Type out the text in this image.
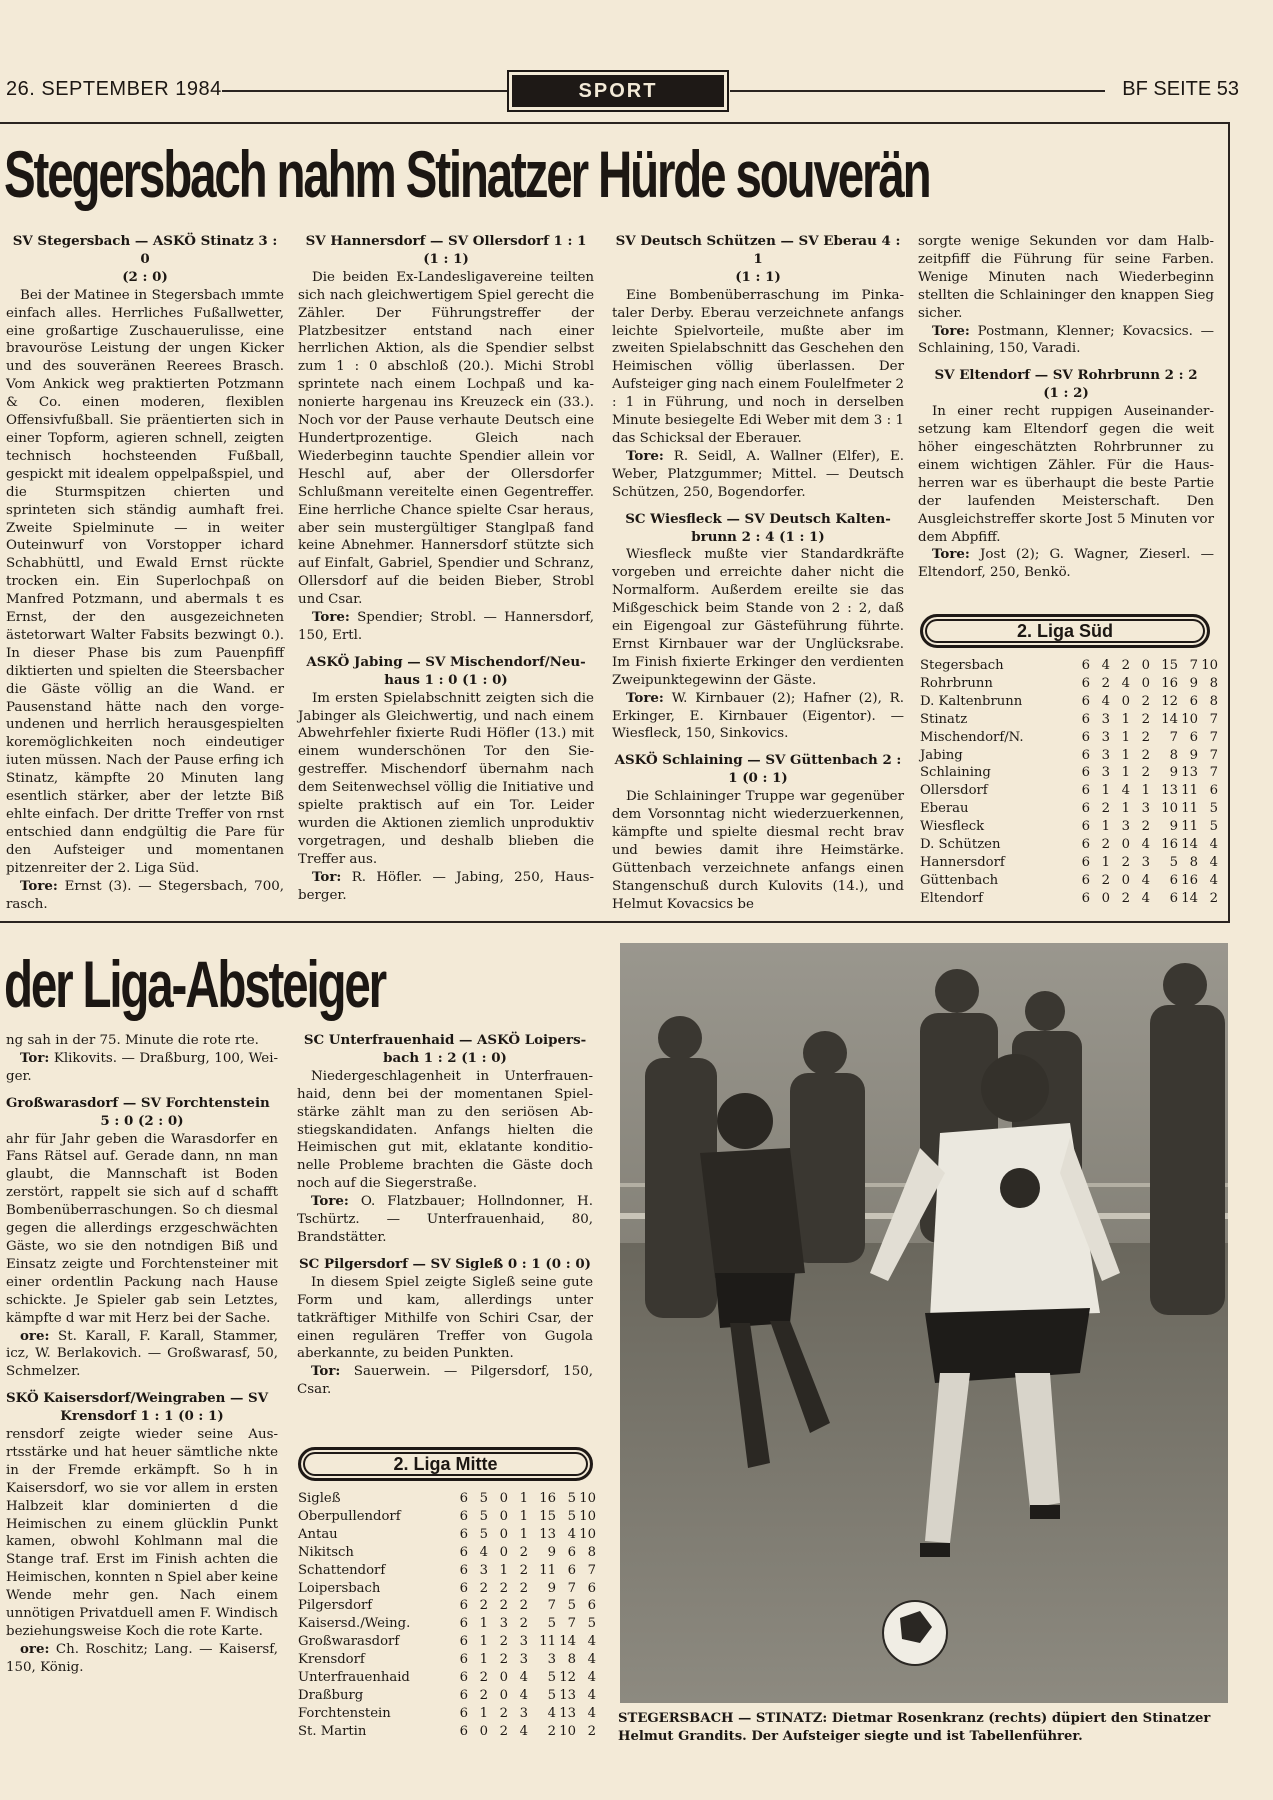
26. SEPTEMBER 1984	SPORT	BF SEITE 53
Stegersbach nahm Stinatzer Hürde souverän

SV Stegersbach — ASKÖ Stinatz 3 : 0

(2 : 0)

Bei der Matinee in Stegersbach ımmte einfach alles. Herrliches Fußallwetter, eine großartige Zuschauerulisse, eine bravouröse Leistung der ungen Kicker und des souveränen Reerees Brasch. Vom Ankick weg praktierten Potzmann & Co. einen moderen, flexiblen Offensivfußball. Sie präentierten sich in einer Topform, agieren schnell, zeigten technisch hochsteenden Fußball, gespickt mit idealem oppelpaßspiel, und die Sturmspitzen chierten und sprinteten sich ständig aumhaft frei. Zweite Spielminute — in weiter Outeinwurf von Vorstopper ichard Schabhüttl, und Ewald Ernst rückte trocken ein. Ein Superlochpaß on Manfred Potzmann, und abermals t es Ernst, der den ausgezeichneten ästetorwart Walter Fabsits bezwingt 0.). In dieser Phase bis zum Pauenpfiff diktierten und spielten die Steersbacher die Gäste völlig an die Wand. er Pausenstand hätte nach den vorgeundenen und herrlich herausgespielten koremöglichkeiten noch eindeutiger iuten müssen. Nach der Pause erfing ich Stinatz, kämpfte 20 Minuten lang esentlich stärker, aber der letzte Biß ehlte einfach. Der dritte Treffer von rnst entschied dann endgültig die Pare für den Aufsteiger und momentanen pitzenreiter der 2. Liga Süd.

Tore: Ernst (3). — Stegersbach, 700, rasch.

SV Hannersdorf — SV Ollersdorf 1 : 1

(1 : 1)

Die beiden Ex-Landesligavereine teilten sich nach gleichwertigem Spiel gerecht die Zähler. Der Führungstreffer der Platzbesitzer entstand nach einer herrlichen Aktion, als die Spendier selbst zum 1 : 0 abschloß (20.). Michi Strobl sprintete nach einem Lochpaß und kanonierte hargenau ins Kreuzeck ein (33.). Noch vor der Pause verhaute Deutsch eine Hundertprozentige. Gleich nach Wiederbeginn tauchte Spendier allein vor Heschl auf, aber der Ollersdorfer Schlußmann vereitelte einen Gegentreffer. Eine herrliche Chance spielte Csar heraus, aber sein mustergültiger Stanglpaß fand keine Abnehmer. Hannersdorf stützte sich auf Einfalt, Gabriel, Spendier und Schranz, Ollersdorf auf die beiden Bieber, Strobl und Csar.

Tore: Spendier; Strobl. — Hannersdorf, 150, Ertl.

ASKÖ Jabing — SV Mischendorf/Neuhaus 1 : 0 (1 : 0)

Im ersten Spielabschnitt zeigten sich die Jabinger als Gleichwertig, und nach einem Abwehrfehler fixierte Rudi Höfler (13.) mit einem wunderschönen Tor den Siegestreffer. Mischendorf übernahm nach dem Seitenwechsel völlig die Initiative und spielte praktisch auf ein Tor. Leider wurden die Aktionen ziemlich unproduktiv vorgetragen, und deshalb blieben die Treffer aus.

Tor: R. Höfler. — Jabing, 250, Hausberger.

SV Deutsch Schützen — SV Eberau 4 : 1

(1 : 1)

Eine Bombenüberraschung im Pinkataler Derby. Eberau verzeichnete anfangs leichte Spielvorteile, mußte aber im zweiten Spielabschnitt das Geschehen den Heimischen völlig überlassen. Der Aufsteiger ging nach einem Foulelfmeter 2 : 1 in Führung, und noch in derselben Minute besiegelte Edi Weber mit dem 3 : 1 das Schicksal der Eberauer.

Tore: R. Seidl, A. Wallner (Elfer), E. Weber, Platzgummer; Mittel. — Deutsch Schützen, 250, Bogendorfer.

SC Wiesfleck — SV Deutsch Kaltenbrunn 2 : 4 (1 : 1)

Wiesfleck mußte vier Standardkräfte vorgeben und erreichte daher nicht die Normalform. Außerdem ereilte sie das Mißgeschick beim Stande von 2 : 2, daß ein Eigengoal zur Gästeführung führte. Ernst Kirnbauer war der Unglücksrabe. Im Finish fixierte Erkinger den verdienten Zweipunktegewinn der Gäste.

Tore: W. Kirnbauer (2); Hafner (2), R. Erkinger, E. Kirnbauer (Eigentor). — Wiesfleck, 150, Sinkovics.

ASKÖ Schlaining — SV Güttenbach 2 : 1 (0 : 1)

Die Schlaininger Truppe war gegenüber dem Vorsonntag nicht wiederzuerkennen, kämpfte und spielte diesmal recht brav und bewies damit ihre Heimstärke. Güttenbach verzeichnete anfangs einen Stangenschuß durch Kulovits (14.), und Helmut Kovacsics be

sorgte wenige Sekunden vor dam Halbzeitpfiff die Führung für seine Farben. Wenige Minuten nach Wiederbeginn stellten die Schlaininger den knappen Sieg sicher.

Tore: Postmann, Klenner; Kovacsics. — Schlaining, 150, Varadi.

SV Eltendorf — SV Rohrbrunn 2 : 2

(1 : 2)

In einer recht ruppigen Auseinandersetzung kam Eltendorf gegen die weit höher eingeschätzten Rohrbrunner zu einem wichtigen Zähler. Für die Hausherren war es überhaupt die beste Partie der laufenden Meisterschaft. Den Ausgleichstreffer skorte Jost 5 Minuten vor dem Abpfiff.

Tore: Jost (2); G. Wagner, Zieserl. — Eltendorf, 250, Benkö.

2. Liga Süd
Stegersbach	6	4	2	0	15	7	10
Rohrbrunn	6	2	4	0	16	9	8
D. Kaltenbrunn	6	4	0	2	12	6	8
Stinatz	6	3	1	2	14	10	7
Mischendorf/N.	6	3	1	2	7	6	7
Jabing	6	3	1	2	8	9	7
Schlaining	6	3	1	2	9	13	7
Ollersdorf	6	1	4	1	13	11	6
Eberau	6	2	1	3	10	11	5
Wiesfleck	6	1	3	2	9	11	5
D. Schützen	6	2	0	4	16	14	4
Hannersdorf	6	1	2	3	5	8	4
Güttenbach	6	2	0	4	6	16	4
Eltendorf	6	0	2	4	6	14	2
der Liga-Absteiger

ng sah in der 75. Minute die rote rte.

Tor: Klikovits. — Draßburg, 100, Weiger.

Großwarasdorf — SV Forchtenstein

5 : 0 (2 : 0)

ahr für Jahr geben die Warasdorfer en Fans Rätsel auf. Gerade dann, nn man glaubt, die Mannschaft ist Boden zerstört, rappelt sie sich auf d schafft Bombenüberraschungen. So ch diesmal gegen die allerdings erzgeschwächten Gäste, wo sie den notndigen Biß und Einsatz zeigte und Forchtensteiner mit einer ordentlin Packung nach Hause schickte. Je Spieler gab sein Letztes, kämpfte d war mit Herz bei der Sache.

ore: St. Karall, F. Karall, Stammer, icz, W. Berlakovich. — Großwarasf, 50, Schmelzer.

SKÖ Kaisersdorf/Weingraben — SV

Krensdorf 1 : 1 (0 : 1)

rensdorf zeigte wieder seine Ausrtsstärke und hat heuer sämtliche nkte in der Fremde erkämpft. So h in Kaisersdorf, wo sie vor allem in ersten Halbzeit klar dominierten d die Heimischen zu einem glücklin Punkt kamen, obwohl Kohlmann mal die Stange traf. Erst im Finish achten die Heimischen, konnten n Spiel aber keine Wende mehr gen. Nach einem unnötigen Privatduell amen F. Windisch beziehungsweise Koch die rote Karte.

ore: Ch. Roschitz; Lang. — Kaisersf, 150, König.

SC Unterfrauenhaid — ASKÖ Loipersbach 1 : 2 (1 : 0)

Niedergeschlagenheit in Unterfrauenhaid, denn bei der momentanen Spielstärke zählt man zu den seriösen Abstiegskandidaten. Anfangs hielten die Heimischen gut mit, eklatante konditionelle Probleme brachten die Gäste doch noch auf die Siegerstraße.

Tore: O. Flatzbauer; Hollndonner, H. Tschürtz. — Unterfrauenhaid, 80, Brandstätter.

SC Pilgersdorf — SV Sigleß 0 : 1 (0 : 0)

In diesem Spiel zeigte Sigleß seine gute Form und kam, allerdings unter tatkräftiger Mithilfe von Schiri Csar, der einen regulären Treffer von Gugola aberkannte, zu beiden Punkten.

Tor: Sauerwein. — Pilgersdorf, 150, Csar.

2. Liga Mitte
Sigleß	6	5	0	1	16	5	10
Oberpullendorf	6	5	0	1	15	5	10
Antau	6	5	0	1	13	4	10
Nikitsch	6	4	0	2	9	6	8
Schattendorf	6	3	1	2	11	6	7
Loipersbach	6	2	2	2	9	7	6
Pilgersdorf	6	2	2	2	7	5	6
Kaisersd./Weing.	6	1	3	2	5	7	5
Großwarasdorf	6	1	2	3	11	14	4
Krensdorf	6	1	2	3	3	8	4
Unterfrauenhaid	6	2	0	4	5	12	4
Draßburg	6	2	0	4	5	13	4
Forchtenstein	6	1	2	3	4	13	4
St. Martin	6	0	2	4	2	10	2
STEGERSBACH — STINATZ: Dietmar Rosenkranz (rechts) düpiert den Stinatzer Helmut Grandits. Der Aufsteiger siegte und ist Tabellenführer.
